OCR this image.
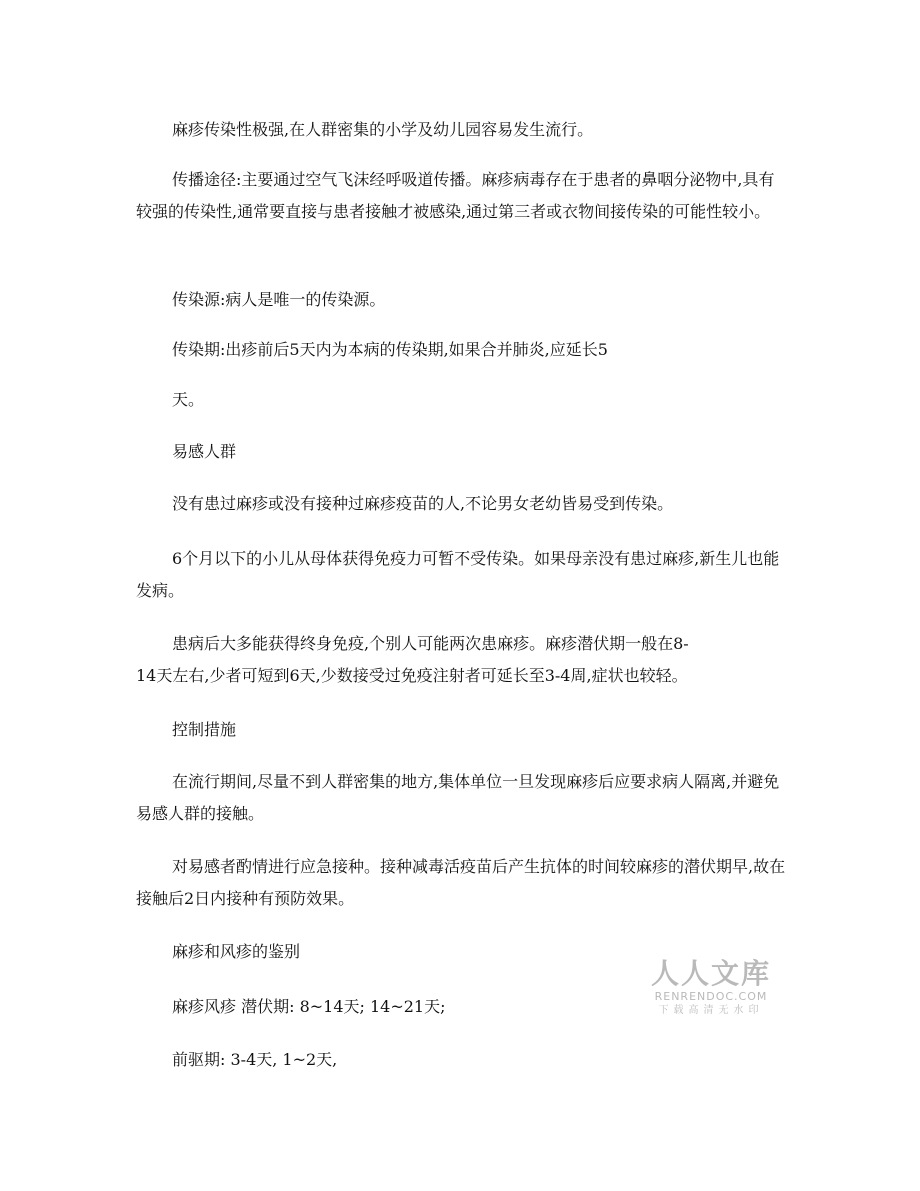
麻疹传染性极强,在人群密集的小学及幼儿园容易发生流行。

传播途径:主要通过空气飞沫经呼吸道传播。麻疹病毒存在于患者的鼻咽分泌物中,具有较强的传染性,通常要直接与患者接触才被感染,通过第三者或衣物间接传染的可能性较小。

传染源:病人是唯一的传染源。

传染期:出疹前后5天内为本病的传染期,如果合并肺炎,应延长5

天。

易感人群

没有患过麻疹或没有接种过麻疹疫苗的人,不论男女老幼皆易受到传染。

6个月以下的小儿从母体获得免疫力可暂不受传染。如果母亲没有患过麻疹,新生儿也能发病。

患病后大多能获得终身免疫,个别人可能两次患麻疹。麻疹潜伏期一般在8-

14天左右,少者可短到6天,少数接受过免疫注射者可延长至3-4周,症状也较轻。

控制措施

在流行期间,尽量不到人群密集的地方,集体单位一旦发现麻疹后应要求病人隔离,并避免易感人群的接触。

对易感者酌情进行应急接种。接种减毒活疫苗后产生抗体的时间较麻疹的潜伏期早,故在接触后2日内接种有预防效果。

麻疹和风疹的鉴别

麻疹风疹 潜伏期: 8~14天; 14~21天;

前驱期: 3-4天, 1~2天,

人人文库
RENRENDOC.COM
下载高清无水印
